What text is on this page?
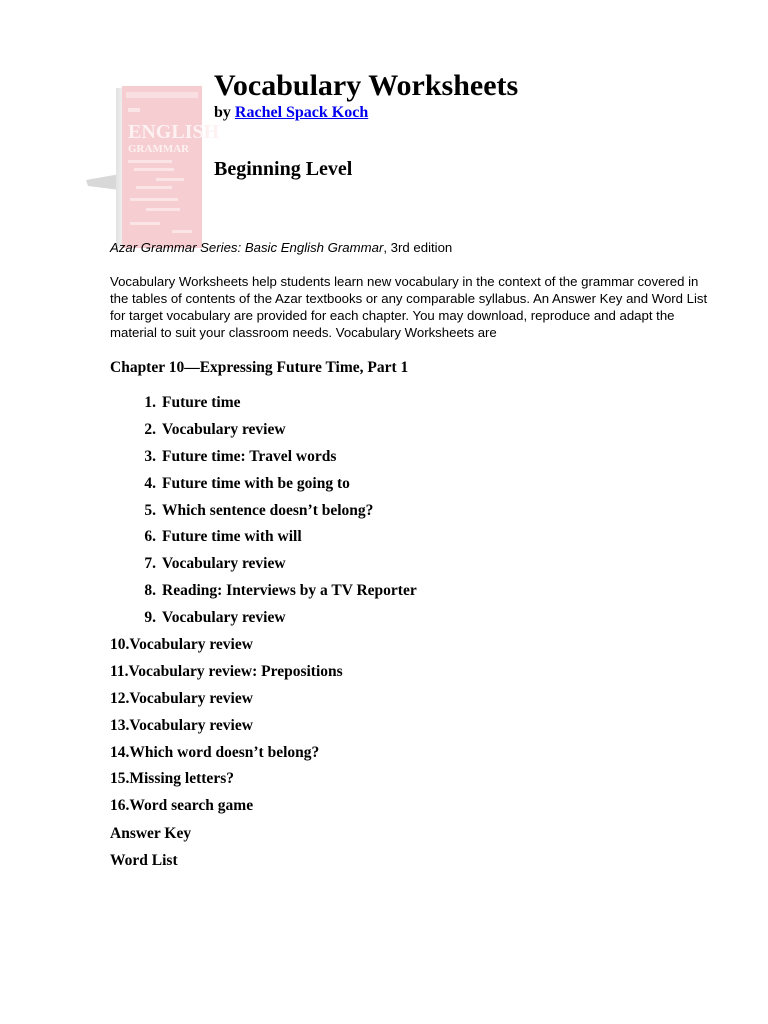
ENGLISH
GRAMMAR
Vocabulary Worksheets
by Rachel Spack Koch
Beginning Level
Azar Grammar Series: Basic English Grammar, 3rd edition

Vocabulary Worksheets help students learn new vocabulary in the context of the grammar covered in the tables of contents of the Azar textbooks or any comparable syllabus. An Answer Key and Word List for target vocabulary are provided for each chapter. You may download, reproduce and adapt the material to suit your classroom needs. Vocabulary Worksheets are

Chapter 10—Expressing Future Time, Part 1
1. Future time
2. Vocabulary review
3. Future time: Travel words
4. Future time with be going to
5. Which sentence doesn’t belong?
6. Future time with will
7. Vocabulary review
8. Reading: Interviews by a TV Reporter
9. Vocabulary review
10. Vocabulary review
11. Vocabulary review: Prepositions
12. Vocabulary review
13. Vocabulary review
14. Which word doesn’t belong?
15. Missing letters?
16. Word search game
Answer Key
Word List
